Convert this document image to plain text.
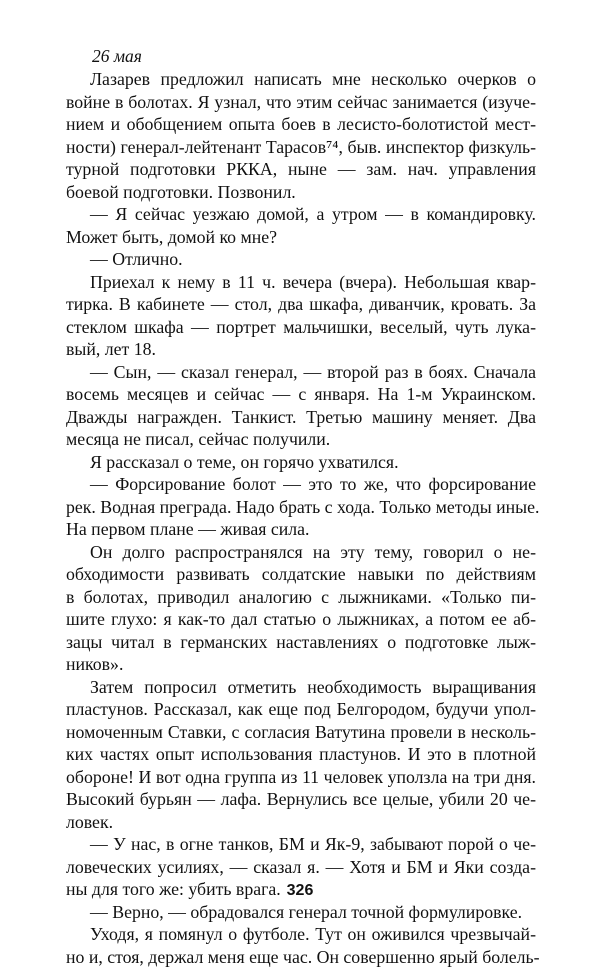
26 мая
Лазарев предложил написать мне несколько очерков о
войне в болотах. Я узнал, что этим сейчас занимается (изуче-
нием и обобщением опыта боев в лесисто-болотистой мест-
ности) генерал-лейтенант Тарасов⁷⁴, быв. инспектор физкуль-
турной подготовки РККА, ныне — зам. нач. управления
боевой подготовки. Позвонил.
— Я сейчас уезжаю домой, а утром — в командировку.
Может быть, домой ко мне?
— Отлично.
Приехал к нему в 11 ч. вечера (вчера). Небольшая квар-
тирка. В кабинете — стол, два шкафа, диванчик, кровать. За
стеклом шкафа — портрет мальчишки, веселый, чуть лука-
вый, лет 18.
— Сын, — сказал генерал, — второй раз в боях. Сначала
восемь месяцев и сейчас — с января. На 1-м Украинском.
Дважды награжден. Танкист. Третью машину меняет. Два
месяца не писал, сейчас получили.
Я рассказал о теме, он горячо ухватился.
— Форсирование болот — это то же, что форсирование
рек. Водная преграда. Надо брать с хода. Только методы иные.
На первом плане — живая сила.
Он долго распространялся на эту тему, говорил о не-
обходимости развивать солдатские навыки по действиям
в болотах, приводил аналогию с лыжниками. «Только пи-
шите глухо: я как-то дал статью о лыжниках, а потом ее аб-
зацы читал в германских наставлениях о подготовке лыж-
ников».
Затем попросил отметить необходимость выращивания
пластунов. Рассказал, как еще под Белгородом, будучи упол-
номоченным Ставки, с согласия Ватутина провели в несколь-
ких частях опыт использования пластунов. И это в плотной
обороне! И вот одна группа из 11 человек уползла на три дня.
Высокий бурьян — лафа. Вернулись все целые, убили 20 че-
ловек.
— У нас, в огне танков, БМ и Як-9, забывают порой о че-
ловеческих усилиях, — сказал я. — Хотя и БМ и Яки созда-
ны для того же: убить врага.
— Верно, — обрадовался генерал точной формулировке.
Уходя, я помянул о футболе. Тут он оживился чрезвычай-
но и, стоя, держал меня еще час. Он совершенно ярый болель-
326
